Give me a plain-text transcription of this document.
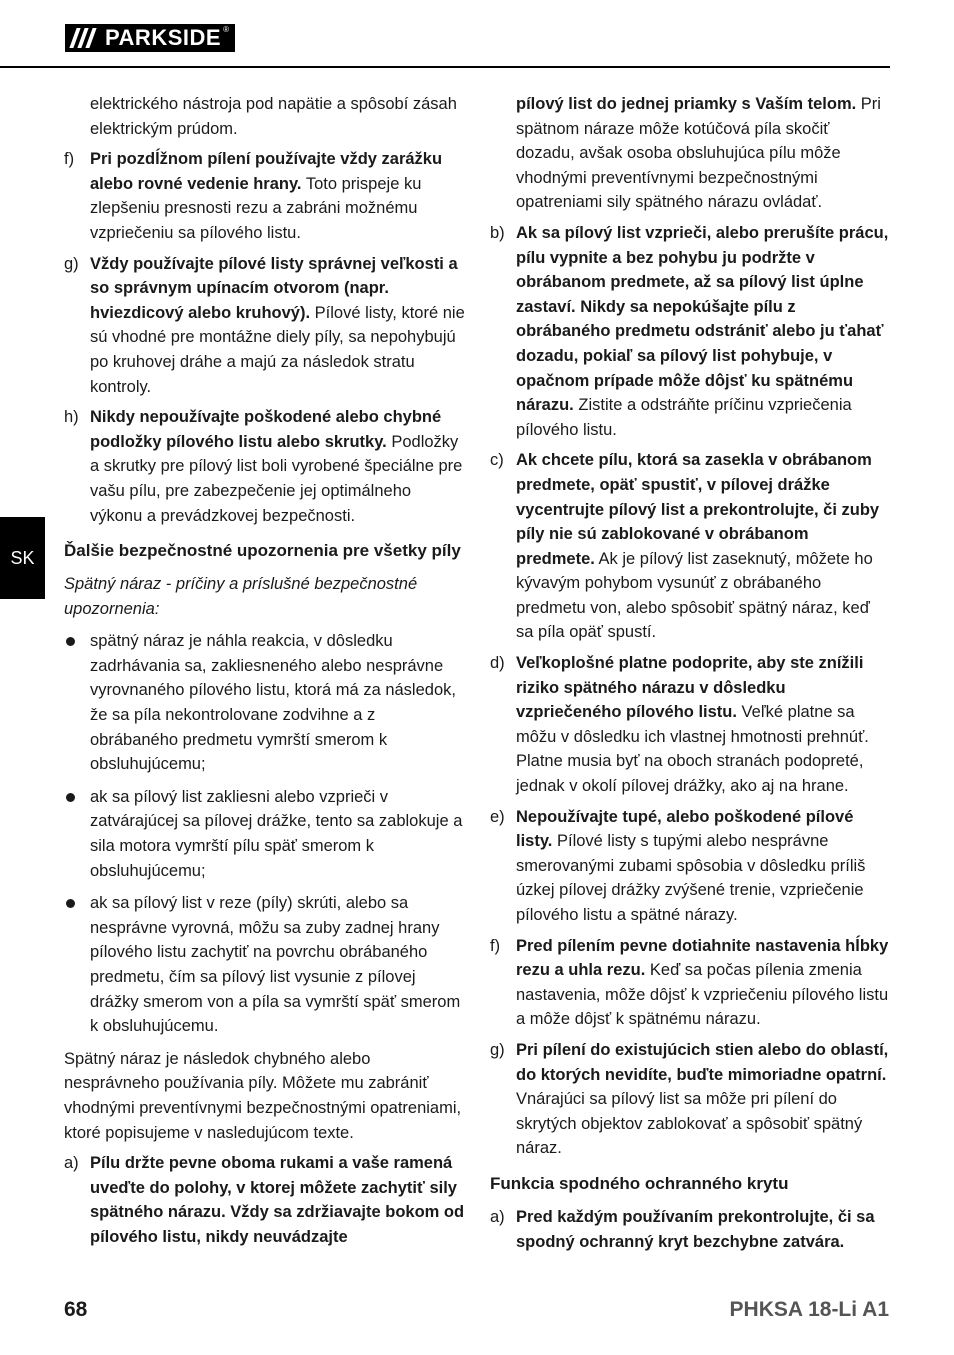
PARKSIDE ®
SK
elektrického nástroja pod napätie a spôsobí zásah elektrickým prúdom.
f) Pri pozdĺžnom pílení používajte vždy zarážku alebo rovné vedenie hrany. Toto prispeje ku zlepšeniu presnosti rezu a zabráni možnému vzpriečeniu sa pílového listu.
g) Vždy používajte pílové listy správnej veľkosti a so správnym upínacím otvorom (napr. hviezdicový alebo kruhový). Pílové listy, ktoré nie sú vhodné pre montážne diely píly, sa nepohybujú po kruhovej dráhe a majú za následok stratu kontroly.
h) Nikdy nepoužívajte poškodené alebo chybné podložky pílového listu alebo skrutky. Podložky a skrutky pre pílový list boli vyrobené špeciálne pre vašu pílu, pre zabezpečenie jej optimálneho výkonu a prevádzkovej bezpečnosti.
Ďalšie bezpečnostné upozornenia pre všetky píly
Spätný náraz - príčiny a príslušné bezpečnostné upozornenia:
spätný náraz je náhla reakcia, v dôsledku zadrhávania sa, zakliesneného alebo nesprávne vyrovnaného pílového listu, ktorá má za následok, že sa píla nekontrolovane zodvihne a z obrábaného predmetu vymrští smerom k obsluhujúcemu;
ak sa pílový list zakliesni alebo vzprieči v zatvárajúcej sa pílovej drážke, tento sa zablokuje a sila motora vymrští pílu späť smerom k obsluhujúcemu;
ak sa pílový list v reze (píly) skrúti, alebo sa nesprávne vyrovná, môžu sa zuby zadnej hrany pílového listu zachytiť na povrchu obrábaného predmetu, čím sa pílový list vysunie z pílovej drážky smerom von a píla sa vymrští späť smerom k obsluhujúcemu.

Spätný náraz je následok chybného alebo nesprávneho používania píly. Môžete mu zabrániť vhodnými preventívnymi bezpečnostnými opatreniami, ktoré popisujeme v nasledujúcom texte.

a) Pílu držte pevne oboma rukami a vaše ramená uveďte do polohy, v ktorej môžete zachytiť sily spätného nárazu. Vždy sa zdržiavajte bokom od pílového listu, nikdy neuvádzajte
pílový list do jednej priamky s Vaším telom. Pri spätnom náraze môže kotúčová píla skočiť dozadu, avšak osoba obsluhujúca pílu môže vhodnými preventívnymi bezpečnostnými opatreniami sily spätného nárazu ovládať.
b) Ak sa pílový list vzprieči, alebo prerušíte prácu, pílu vypnite a bez pohybu ju podržte v obrábanom predmete, až sa pílový list úplne zastaví. Nikdy sa nepokúšajte pílu z obrábaného predmetu odstrániť alebo ju ťahať dozadu, pokiaľ sa pílový list pohybuje, v opačnom prípade môže dôjsť ku spätnému nárazu. Zistite a odstráňte príčinu vzpriečenia pílového listu.
c) Ak chcete pílu, ktorá sa zasekla v obrábanom predmete, opäť spustiť, v pílovej drážke vycentrujte pílový list a prekontrolujte, či zuby píly nie sú zablokované v obrábanom predmete. Ak je pílový list zaseknutý, môžete ho kývavým pohybom vysunúť z obrábaného predmetu von, alebo spôsobiť spätný náraz, keď sa píla opäť spustí.
d) Veľkoplošné platne podoprite, aby ste znížili riziko spätného nárazu v dôsledku vzpriečeného pílového listu. Veľké platne sa môžu v dôsledku ich vlastnej hmotnosti prehnúť. Platne musia byť na oboch stranách podopreté, jednak v okolí pílovej drážky, ako aj na hrane.
e) Nepoužívajte tupé, alebo poškodené pílové listy. Pílové listy s tupými alebo nesprávne smerovanými zubami spôsobia v dôsledku príliš úzkej pílovej drážky zvýšené trenie, vzpriečenie pílového listu a spätné nárazy.
f) Pred pílením pevne dotiahnite nastavenia hĺbky rezu a uhla rezu. Keď sa počas pílenia zmenia nastavenia, môže dôjsť k vzpriečeniu pílového listu a môže dôjsť k spätnému nárazu.
g) Pri pílení do existujúcich stien alebo do oblastí, do ktorých nevidíte, buďte mimoriadne opatrní. Vnárajúci sa pílový list sa môže pri pílení do skrytých objektov zablokovať a spôsobiť spätný náraz.
Funkcia spodného ochranného krytu
a) Pred každým používaním prekontrolujte, či sa spodný ochranný kryt bezchybne zatvára.
68	PHKSA 18-Li A1
